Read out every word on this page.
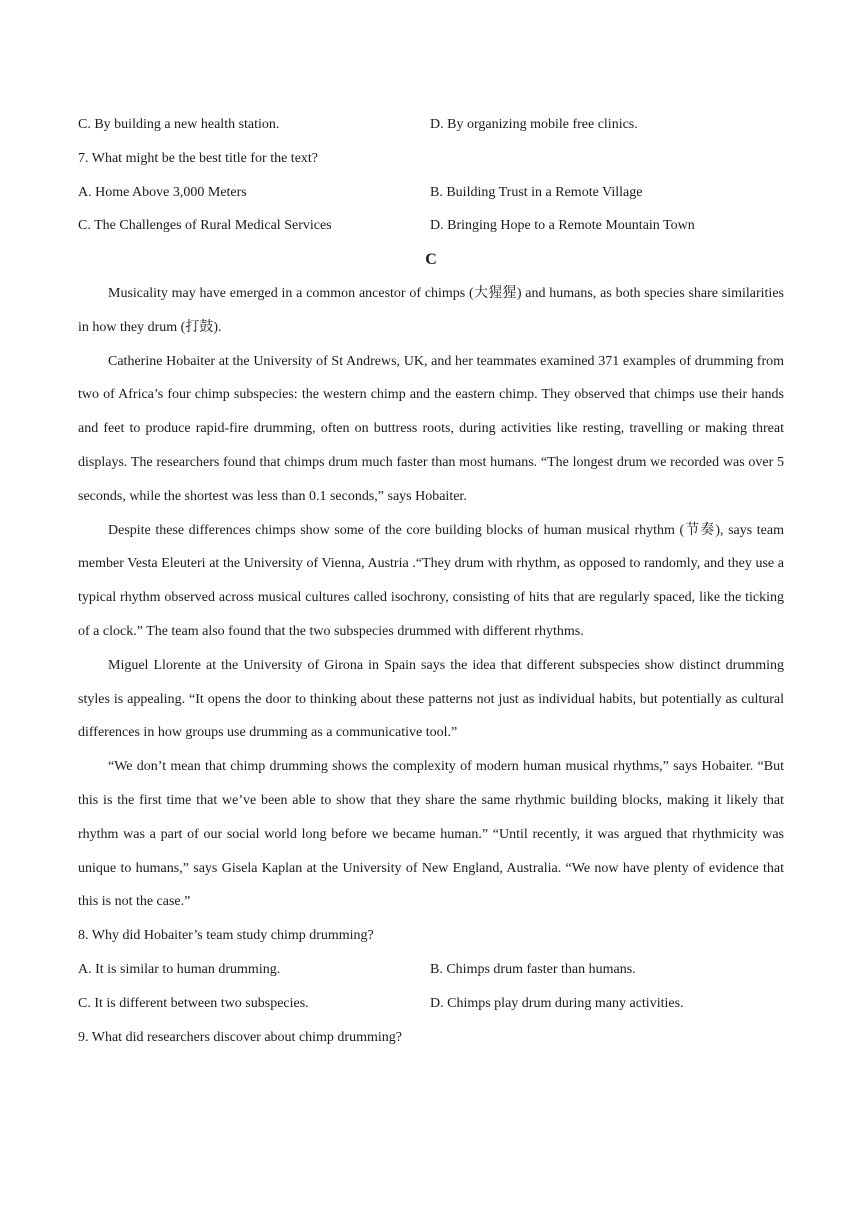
C. By building a new health station.	D. By organizing mobile free clinics.
7. What might be the best title for the text?
A. Home Above 3,000 Meters	B. Building Trust in a Remote Village
C. The Challenges of Rural Medical Services	D. Bringing Hope to a Remote Mountain Town
C

Musicality may have emerged in a common ancestor of chimps (大猩猩) and humans, as both species share similarities in how they drum (打鼓).

Catherine Hobaiter at the University of St Andrews, UK, and her teammates examined 371 examples of drumming from two of Africa’s four chimp subspecies: the western chimp and the eastern chimp. They observed that chimps use their hands and feet to produce rapid-fire drumming, often on buttress roots, during activities like resting, travelling or making threat displays. The researchers found that chimps drum much faster than most humans. “The longest drum we recorded was over 5 seconds, while the shortest was less than 0.1 seconds,” says Hobaiter.

Despite these differences chimps show some of the core building blocks of human musical rhythm (节奏), says team member Vesta Eleuteri at the University of Vienna, Austria .“They drum with rhythm, as opposed to randomly, and they use a typical rhythm observed across musical cultures called isochrony, consisting of hits that are regularly spaced, like the ticking of a clock.” The team also found that the two subspecies drummed with different rhythms.

Miguel Llorente at the University of Girona in Spain says the idea that different subspecies show distinct drumming styles is appealing. “It opens the door to thinking about these patterns not just as individual habits, but potentially as cultural differences in how groups use drumming as a communicative tool.”

“We don’t mean that chimp drumming shows the complexity of modern human musical rhythms,” says Hobaiter. “But this is the first time that we’ve been able to show that they share the same rhythmic building blocks, making it likely that rhythm was a part of our social world long before we became human.” “Until recently, it was argued that rhythmicity was unique to humans,” says Gisela Kaplan at the University of New England, Australia. “We now have plenty of evidence that this is not the case.”

8. Why did Hobaiter’s team study chimp drumming?
A. It is similar to human drumming.	B. Chimps drum faster than humans.
C. It is different between two subspecies.	D. Chimps play drum during many activities.
9. What did researchers discover about chimp drumming?
